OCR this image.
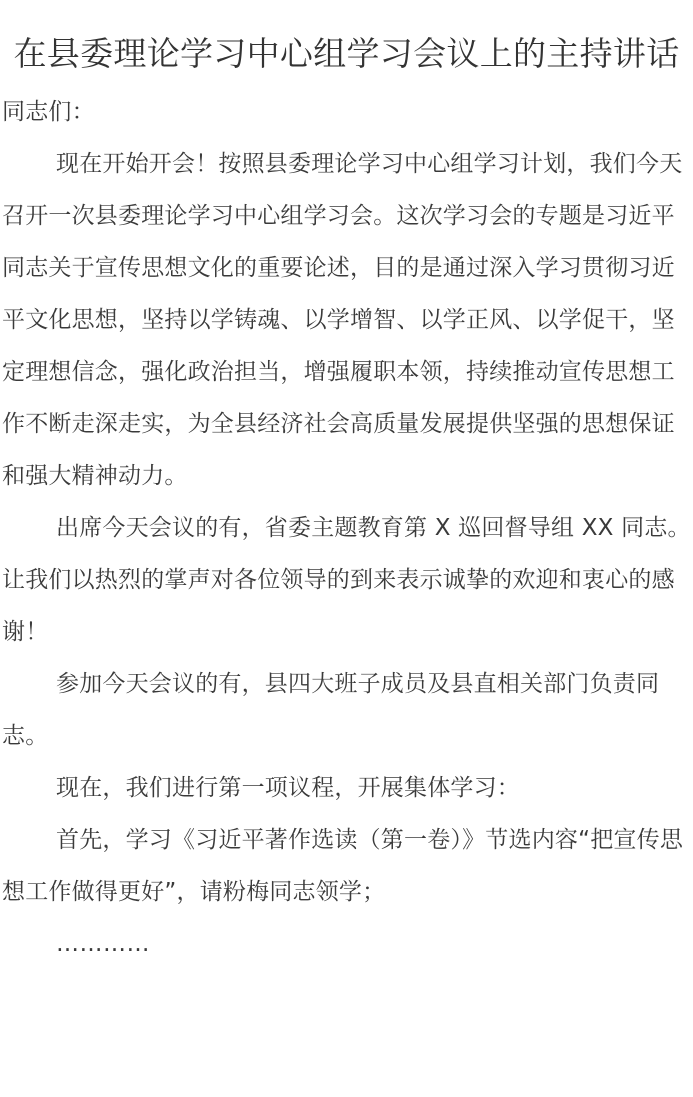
在县委理论学习中心组学习会议上的主持讲话

同志们：

现在开始开会！按照县委理论学习中心组学习计划，我们今天召开一次县委理论学习中心组学习会。这次学习会的专题是习近平同志关于宣传思想文化的重要论述，目的是通过深入学习贯彻习近平文化思想，坚持以学铸魂、以学增智、以学正风、以学促干，坚定理想信念，强化政治担当，增强履职本领，持续推动宣传思想工作不断走深走实，为全县经济社会高质量发展提供坚强的思想保证和强大精神动力。

出席今天会议的有，省委主题教育第 X 巡回督导组 XX 同志。让我们以热烈的掌声对各位领导的到来表示诚挚的欢迎和衷心的感谢！

参加今天会议的有，县四大班子成员及县直相关部门负责同志。

现在，我们进行第一项议程，开展集体学习：

首先，学习《习近平著作选读（第一卷）》节选内容“把宣传思想工作做得更好”，请粉梅同志领学；

…………
